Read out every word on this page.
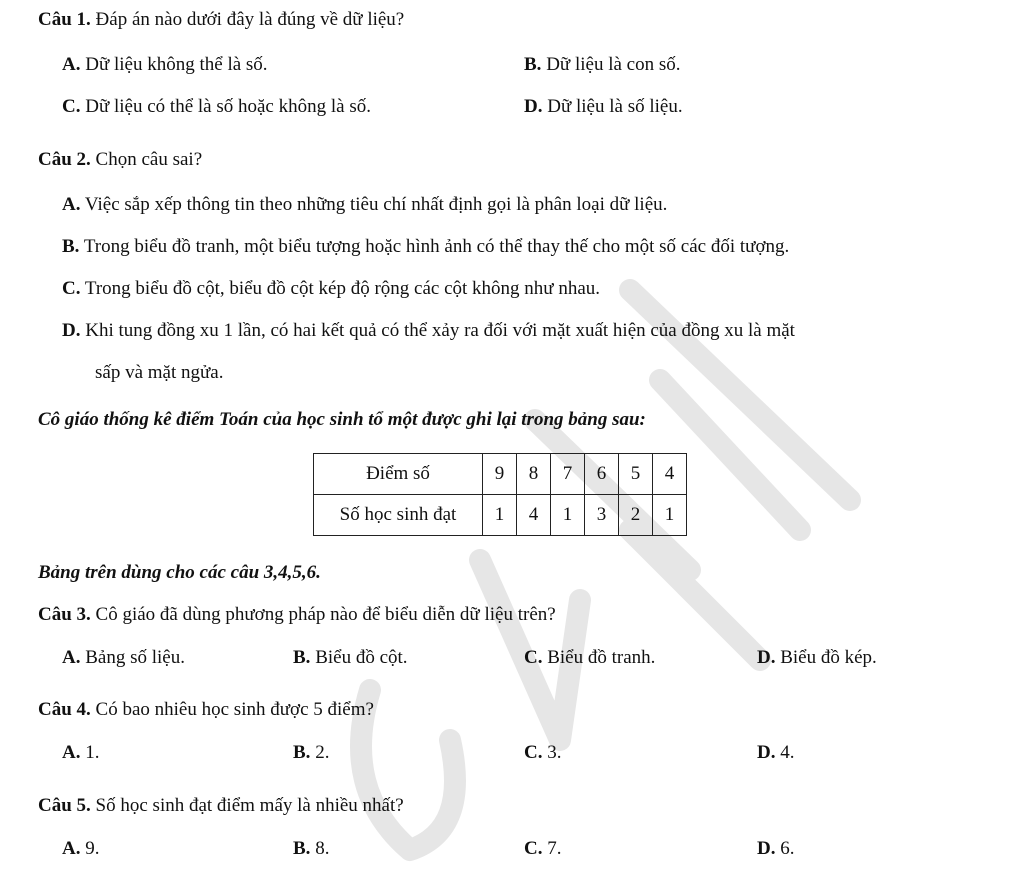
Câu 1. Đáp án nào dưới đây là đúng về dữ liệu?
A. Dữ liệu không thể là số.	B. Dữ liệu là con số.
C. Dữ liệu có thể là số hoặc không là số.	D. Dữ liệu là số liệu.
Câu 2. Chọn câu sai?
A. Việc sắp xếp thông tin theo những tiêu chí nhất định gọi là phân loại dữ liệu.
B. Trong biểu đồ tranh, một biểu tượng hoặc hình ảnh có thể thay thế cho một số các đối tượng.
C. Trong biểu đồ cột, biểu đồ cột kép độ rộng các cột không như nhau.
D. Khi tung đồng xu 1 lần, có hai kết quả có thể xảy ra đối với mặt xuất hiện của đồng xu là mặt
sấp và mặt ngửa.
Cô giáo thống kê điểm Toán của học sinh tổ một được ghi lại trong bảng sau:
Điểm số	9	8	7	6	5	4
Số học sinh đạt	1	4	1	3	2	1
Bảng trên dùng cho các câu 3,4,5,6.
Câu 3. Cô giáo đã dùng phương pháp nào để biểu diễn dữ liệu trên?
A. Bảng số liệu.	B. Biểu đồ cột.	C. Biểu đồ tranh.	D. Biểu đồ kép.
Câu 4. Có bao nhiêu học sinh được 5 điểm?
A. 1.	B. 2.	C. 3.	D. 4.
Câu 5. Số học sinh đạt điểm mấy là nhiều nhất?
A. 9.	B. 8.	C. 7.	D. 6.
